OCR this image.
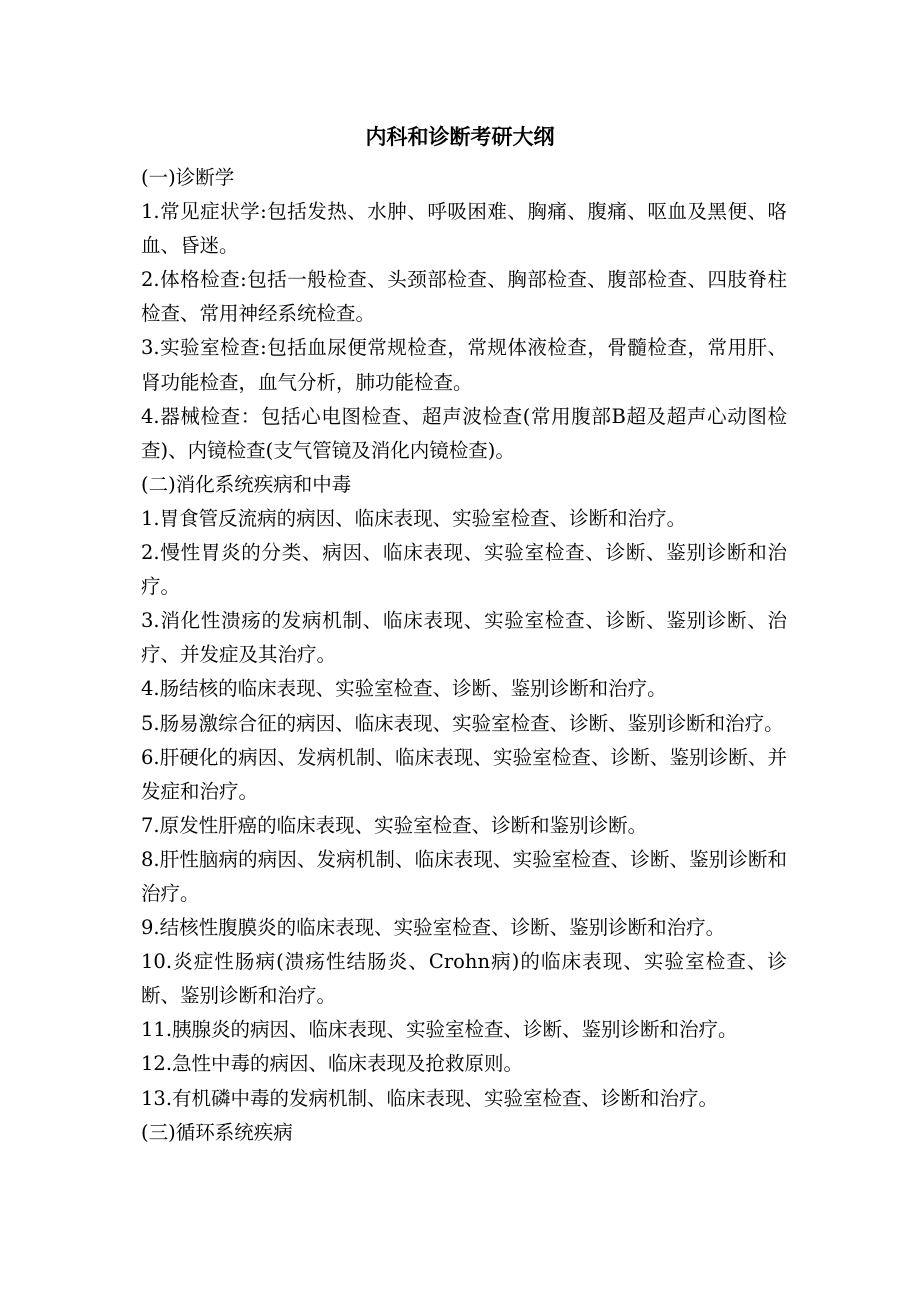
内科和诊断考研大纲

(一)诊断学

1.常见症状学:包括发热、水肿、呼吸困难、胸痛、腹痛、呕血及黑便、咯血、昏迷。

2.体格检查:包括一般检查、头颈部检查、胸部检查、腹部检查、四肢脊柱检查、常用神经系统检查。

3.实验室检查:包括血尿便常规检查，常规体液检查，骨髓检查，常用肝、肾功能检查，血气分析，肺功能检查。

4.器械检查：包括心电图检查、超声波检查(常用腹部B超及超声心动图检查)、内镜检查(支气管镜及消化内镜检查)。

(二)消化系统疾病和中毒

1.胃食管反流病的病因、临床表现、实验室检查、诊断和治疗。

2.慢性胃炎的分类、病因、临床表现、实验室检查、诊断、鉴别诊断和治疗。

3.消化性溃疡的发病机制、临床表现、实验室检查、诊断、鉴别诊断、治疗、并发症及其治疗。

4.肠结核的临床表现、实验室检查、诊断、鉴别诊断和治疗。

5.肠易激综合征的病因、临床表现、实验室检查、诊断、鉴别诊断和治疗。

6.肝硬化的病因、发病机制、临床表现、实验室检查、诊断、鉴别诊断、并发症和治疗。

7.原发性肝癌的临床表现、实验室检查、诊断和鉴别诊断。

8.肝性脑病的病因、发病机制、临床表现、实验室检查、诊断、鉴别诊断和治疗。

9.结核性腹膜炎的临床表现、实验室检查、诊断、鉴别诊断和治疗。

10.炎症性肠病(溃疡性结肠炎、Crohn病)的临床表现、实验室检查、诊断、鉴别诊断和治疗。

11.胰腺炎的病因、临床表现、实验室检查、诊断、鉴别诊断和治疗。

12.急性中毒的病因、临床表现及抢救原则。

13.有机磷中毒的发病机制、临床表现、实验室检查、诊断和治疗。

(三)循环系统疾病
